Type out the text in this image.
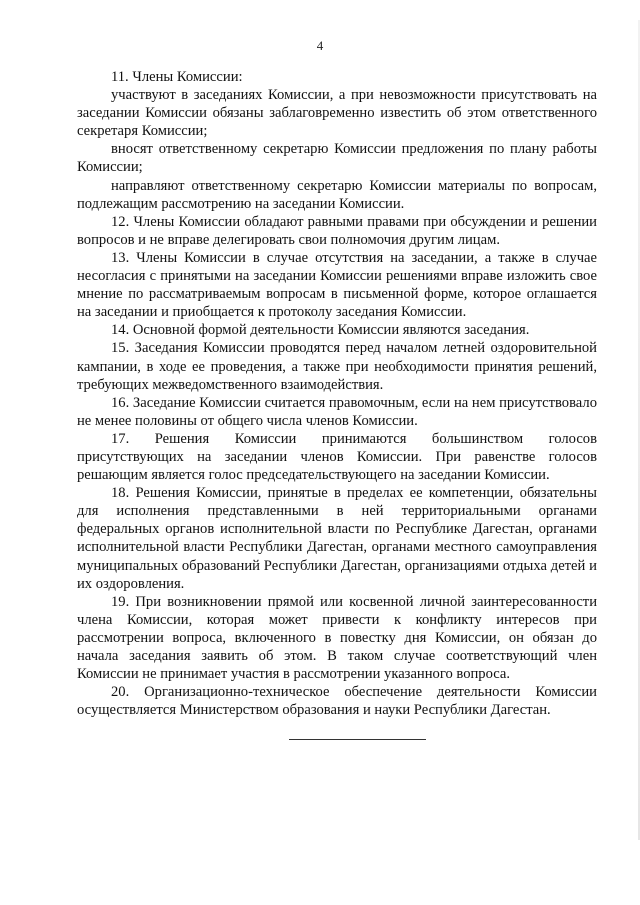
4

11. Члены Комиссии:

участвуют в заседаниях Комиссии, а при невозможности присутствовать на заседании Комиссии обязаны заблаговременно известить об этом ответственного секретаря Комиссии;

вносят ответственному секретарю Комиссии предложения по плану работы Комиссии;

направляют ответственному секретарю Комиссии материалы по вопросам, подлежащим рассмотрению на заседании Комиссии.

12. Члены Комиссии обладают равными правами при обсуждении и решении вопросов и не вправе делегировать свои полномочия другим лицам.

13. Члены Комиссии в случае отсутствия на заседании, а также в случае несогласия с принятыми на заседании Комиссии решениями вправе изложить свое мнение по рассматриваемым вопросам в письменной форме, которое оглашается на заседании и приобщается к протоколу заседания Комиссии.

14. Основной формой деятельности Комиссии являются заседания.

15. Заседания Комиссии проводятся перед началом летней оздоровительной кампании, в ходе ее проведения, а также при необходимости принятия решений, требующих межведомственного взаимодействия.

16. Заседание Комиссии считается правомочным, если на нем присутствовало не менее половины от общего числа членов Комиссии.

17. Решения Комиссии принимаются большинством голосов присутствующих на заседании членов Комиссии. При равенстве голосов решающим является голос председательствующего на заседании Комиссии.

18. Решения Комиссии, принятые в пределах ее компетенции, обязательны для исполнения представленными в ней территориальными органами федеральных органов исполнительной власти по Республике Дагестан, органами исполнительной власти Республики Дагестан, органами местного самоуправления муниципальных образований Республики Дагестан, организациями отдыха детей и их оздоровления.

19. При возникновении прямой или косвенной личной заинтересованности члена Комиссии, которая может привести к конфликту интересов при рассмотрении вопроса, включенного в повестку дня Комиссии, он обязан до начала заседания заявить об этом. В таком случае соответствующий член Комиссии не принимает участия в рассмотрении указанного вопроса.

20. Организационно-техническое обеспечение деятельности Комиссии осуществляется Министерством образования и науки Республики Дагестан.
